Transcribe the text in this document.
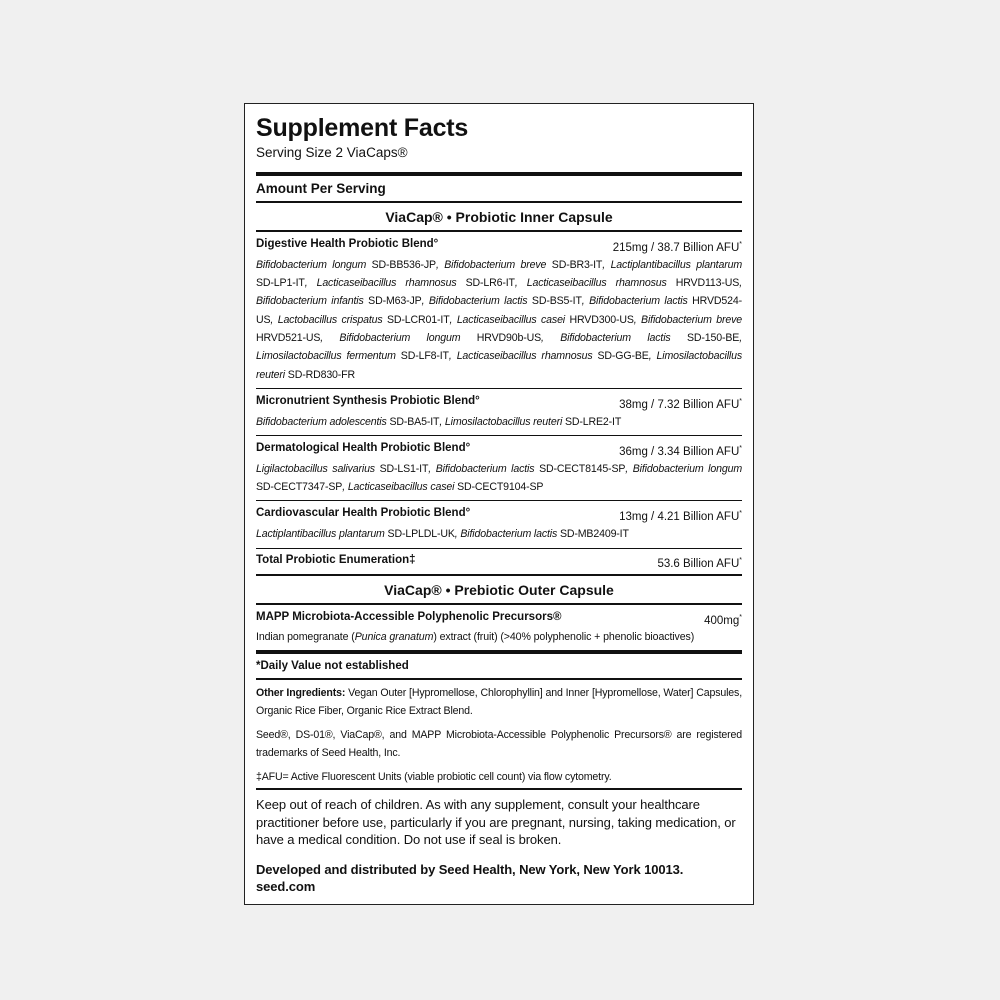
Supplement Facts
Serving Size 2 ViaCaps®
Amount Per Serving
ViaCap® • Probiotic Inner Capsule
Digestive Health Probiotic Blend°	215mg / 38.7 Billion AFU*
Bifidobacterium longum SD-BB536-JP, Bifidobacterium breve SD-BR3-IT, Lactiplantibacillus plantarum SD-LP1-IT, Lacticaseibacillus rhamnosus SD-LR6-IT, Lacticaseibacillus rhamnosus HRVD113-US, Bifidobacterium infantis SD-M63-JP, Bifidobacterium lactis SD-BS5-IT, Bifidobacterium lactis HRVD524-US, Lactobacillus crispatus SD-LCR01-IT, Lacticaseibacillus casei HRVD300-US, Bifidobacterium breve HRVD521-US, Bifidobacterium longum HRVD90b-US, Bifidobacterium lactis SD-150-BE, Limosilactobacillus fermentum SD-LF8-IT, Lacticaseibacillus rhamnosus SD-GG-BE, Limosilactobacillus reuteri SD-RD830-FR
Micronutrient Synthesis Probiotic Blend°	38mg / 7.32 Billion AFU*
Bifidobacterium adolescentis SD-BA5-IT, Limosilactobacillus reuteri SD-LRE2-IT
Dermatological Health Probiotic Blend°	36mg / 3.34 Billion AFU*
Ligilactobacillus salivarius SD-LS1-IT, Bifidobacterium lactis SD-CECT8145-SP, Bifidobacterium longum SD-CECT7347-SP, Lacticaseibacillus casei SD-CECT9104-SP
Cardiovascular Health Probiotic Blend°	13mg / 4.21 Billion AFU*
Lactiplantibacillus plantarum SD-LPLDL-UK, Bifidobacterium lactis SD-MB2409-IT
Total Probiotic Enumeration‡	53.6 Billion AFU*
ViaCap® • Prebiotic Outer Capsule
MAPP Microbiota-Accessible Polyphenolic Precursors®	400mg*
Indian pomegranate (Punica granatum) extract (fruit) (>40% polyphenolic + phenolic bioactives)
*Daily Value not established
Other Ingredients: Vegan Outer [Hypromellose, Chlorophyllin] and Inner [Hypromellose, Water] Capsules, Organic Rice Fiber, Organic Rice Extract Blend.
Seed®, DS-01®, ViaCap®, and MAPP Microbiota-Accessible Polyphenolic Precursors® are registered trademarks of Seed Health, Inc.
‡AFU= Active Fluorescent Units (viable probiotic cell count) via flow cytometry.
Keep out of reach of children. As with any supplement, consult your healthcare practitioner before use, particularly if you are pregnant, nursing, taking medication, or have a medical condition. Do not use if seal is broken.
Developed and distributed by Seed Health, New York, New York 10013.
seed.com
